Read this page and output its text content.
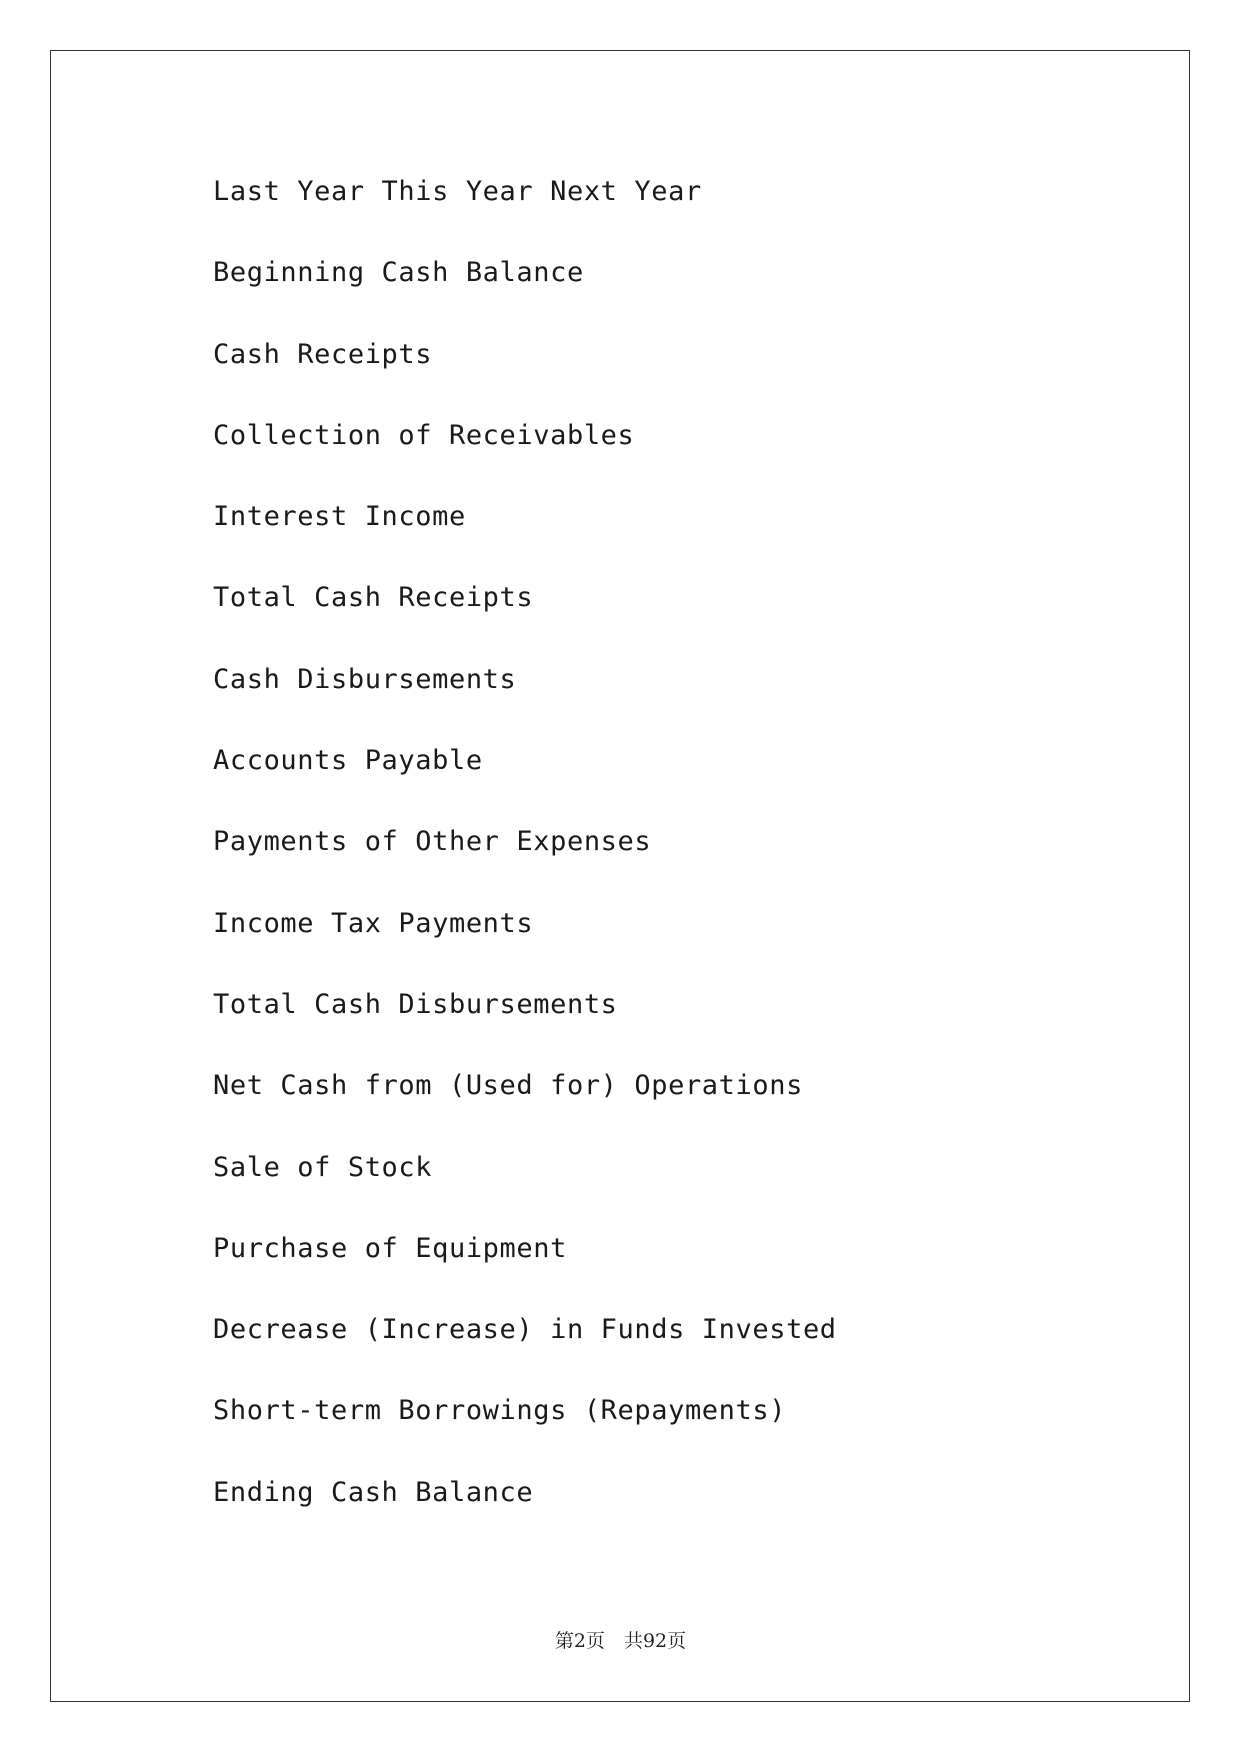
Last Year This Year Next Year
Beginning Cash Balance
Cash Receipts
Collection of Receivables
Interest Income
Total Cash Receipts
Cash Disbursements
Accounts Payable
Payments of Other Expenses
Income Tax Payments
Total Cash Disbursements
Net Cash from (Used for) Operations
Sale of Stock
Purchase of Equipment
Decrease (Increase) in Funds Invested
Short-term Borrowings (Repayments)
Ending Cash Balance
第2页　共92页
